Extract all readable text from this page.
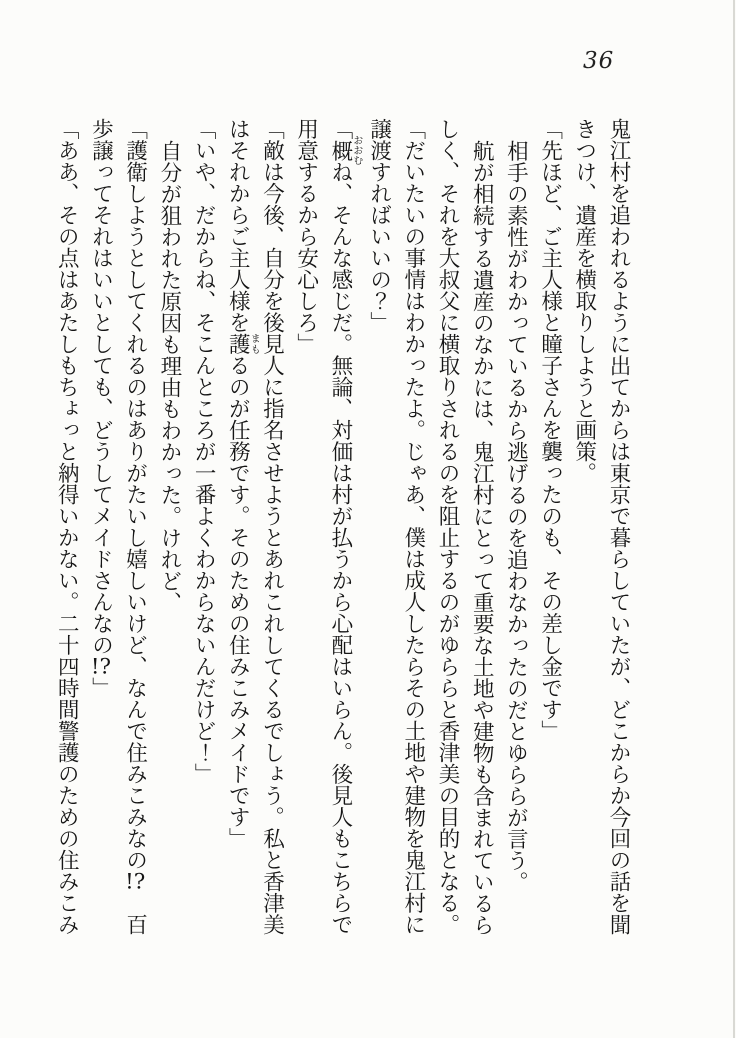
36

鬼江村を追われるように出てからは東京で暮らしていたが、どこからか今回の話を聞きつけ、遺産を横取りしようと画策。

「先ほど、ご主人様と瞳子さんを襲ったのも、その差し金です」

相手の素性がわかっているから逃げるのを追わなかったのだとゆららが言う。

航が相続する遺産のなかには、鬼江村にとって重要な土地や建物も含まれているらしく、それを大叔父に横取りされるのを阻止するのがゆららと香津美の目的となる。

「だいたいの事情はわかったよ。じゃあ、僕は成人したらその土地や建物を鬼江村に譲渡すればいいの？」

「概おおむね、そんな感じだ。無論、対価は村が払うから心配はいらん。後見人もこちらで用意するから安心しろ」

「敵は今後、自分を後見人に指名させようとあれこれしてくるでしょう。私と香津美はそれからご主人様を護まもるのが任務です。そのための住みこみメイドです」

「いや、だからね、そこんところが一番よくわからないんだけど！」

自分が狙われた原因も理由もわかった。けれど、

「護衛しようとしてくれるのはありがたいし嬉しいけど、なんで住みこみなの!?　百歩譲ってそれはいいとしても、どうしてメイドさんなの!?」

「ああ、その点はあたしもちょっと納得いかない。二十四時間警護のための住みこみ
